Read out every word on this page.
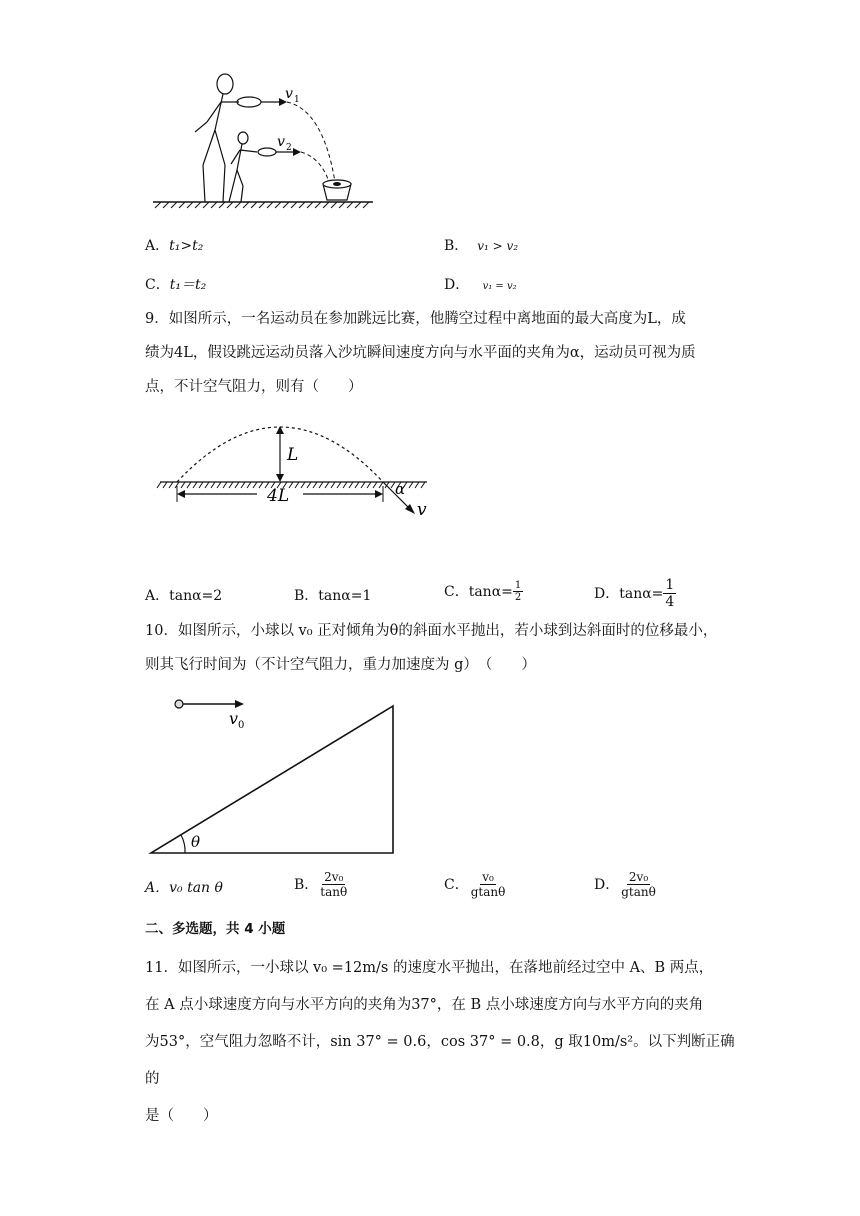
v 1
v 2
A．t₁>t₂	B． v₁ > v₂
C．t₁＝t₂	D． v₁ = v₂
9．如图所示，一名运动员在参加跳远比赛，他腾空过程中离地面的最大高度为L，成
绩为4L，假设跳远运动员落入沙坑瞬间速度方向与水平面的夹角为α，运动员可视为质
点，不计空气阻力，则有（　　）
L
4L	α
v
A．tanα=2	B．tanα=1	C．$\tan\alpha= \frac{1}{2}$	D．$\tan\alpha= \frac{1}{4}$
10．如图所示，小球以 v₀ 正对倾角为θ的斜面水平抛出，若小球到达斜面时的位移最小，
则其飞行时间为（不计空气阻力，重力加速度为 g）　（　　）
v 0
θ
A．v₀ tan θ	B． $\frac{\text{2v₀}}{\tan\theta}$	C． $\frac{\text{v₀}}{gtan\theta}$	D． $\frac{\text{2v₀}}{gtan\theta}$
二、多选题，共 4 小题
11．如图所示，一小球以 v₀ =12m/s 的速度水平抛出，在落地前经过空中 A、B 两点，
在 A 点小球速度方向与水平方向的夹角为37°，在 B 点小球速度方向与水平方向的夹角
为53°，空气阻力忽略不计，sin 37° = 0.6，cos 37° = 0.8，g 取10m/s²。以下判断正确的
是（　　）
